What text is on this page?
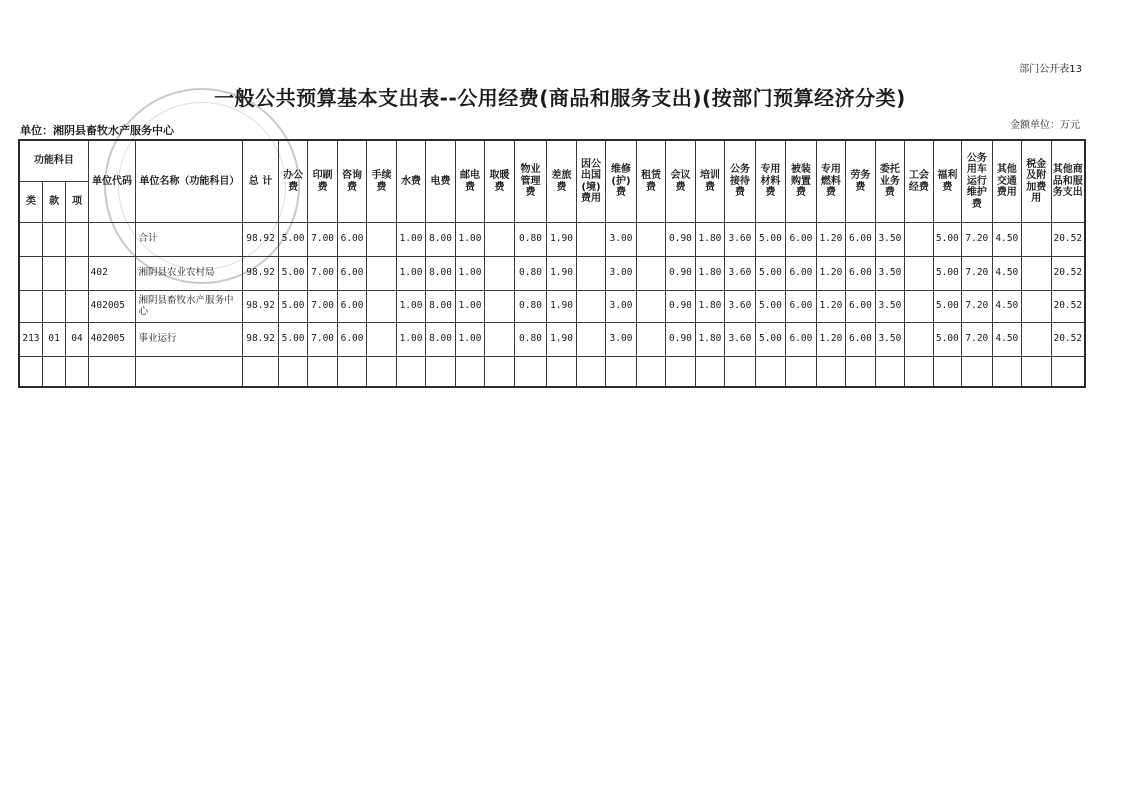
部门公开表13
一般公共预算基本支出表--公用经费(商品和服务支出)(按部门预算经济分类)
单位：湘阴县畜牧水产服务中心	金额单位：万元
功能科目			单位代码	单位名称（功能科目）	总 计	办公费	印刷费	咨询费	手续费	水费	电费	邮电费	取暖费	物业管理费	差旅费	因公出国(境)费用	维修(护)费	租赁费	会议费	培训费	公务接待费	专用材料费	被装购置费	专用燃料费	劳务费	委托业务费	工会经费	福利费	公务用车运行维护费	其他交通费用	税金及附加费用	其他商品和服务支出
类	款	项																														
				合计	98.92	5.00	7.00	6.00		1.00	8.00	1.00		0.80	1.90		3.00		0.90	1.80	3.60	5.00	6.00	1.20	6.00	3.50		5.00	7.20	4.50		20.52
			402	湘阴县农业农村局	98.92	5.00	7.00	6.00		1.00	8.00	1.00		0.80	1.90		3.00		0.90	1.80	3.60	5.00	6.00	1.20	6.00	3.50		5.00	7.20	4.50		20.52
			402005	湘阴县畜牧水产服务中心	98.92	5.00	7.00	6.00		1.00	8.00	1.00		0.80	1.90		3.00		0.90	1.80	3.60	5.00	6.00	1.20	6.00	3.50		5.00	7.20	4.50		20.52
213	01	04	402005	事业运行	98.92	5.00	7.00	6.00		1.00	8.00	1.00		0.80	1.90		3.00		0.90	1.80	3.60	5.00	6.00	1.20	6.00	3.50		5.00	7.20	4.50		20.52
